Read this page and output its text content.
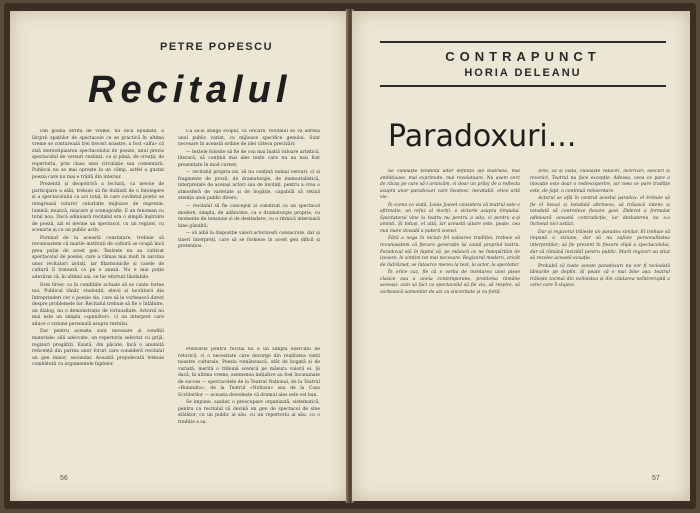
PETRE POPESCU
Recitalul

Din goana dorită de vreme, nu încă epuizată, a lărgirii spațiilor de spectacole ce se practică în ultima vreme se conturează trei treceri noastre, a fost «alfa» că zisă stereotipizarea spectacolului de poezie, unui precis spectaculul de versuri realizat, cu și până, de creații, de repertoriu, prin clasa unei circulație sau comentarii. Publicul nu se mai oprește la un câmp, astfel a gustat poezia care nu mai e trăită din interior.

Prezentă și deopotrivă a lecturii, ca nevoie de participare a sălii, trebuie să fie dublată de o înțelegere și a spectacolului ca act total, în care cuvântul poetic se integrează tuturor celorlalte mijloace de expresie: lumină, muzică, mișcare și scenografie. E un fenomen cu totul nou. Dacă odinioară recitalul era o simplă înșiruire de poezii, azi el devine un spectacol, cu un regizor, cu scenariu și cu un public activ.

Pornind de la această constatare, trebuie să recunoaștem că marile instituții de cultură se ocupă încă prea puțin de acest gen. Teatrele nu au cultivat spectacolul de poezie, care a rămas mai mult în sarcina unor recitatori izolați, iar filarmonicile și casele de cultură îl tratează ca pe o anexă. Nu e mai puțin adevărat că, în ultimii ani, se fac eforturi lăudabile.

Este firesc ca în condițiile actuale să se caute forme noi. Publicul tânăr, studenții, elevii și lucrătorii din întreprinderi cer o poezie vie, care să le vorbească direct despre problemele lor. Recitalul trebuie să fie o întâlnire, un dialog, nu o demonstrație de virtuozitate. Actorul nu mai este un simplu «spunător», ci un interpret care aduce o viziune personală asupra textului.

Dar pentru aceasta sunt necesare și condiții materiale: săli adecvate, un repertoriu selectat cu grijă, regizori pregătiți. Există, din păcate, încă o anumită reticență din partea unor foruri care consideră recitalul un gen minor, secundar. Această prejudecată trebuie combătută cu argumentele faptelor.

Ca să-și atingă scopul, ca oricare, recitalul se va adresa unui public variat, cu mijloace specifice genului. Sunt necesare în această ordine de idei câteva precizări:

— textele folosite să fie de cea mai înaltă valoare artistică, literară, să conțină mai ales texte care nu au mai fost prezentate în mod curent;

— recitalul propriu-zis, să nu conțină numai versuri, ci și fragmente de proză, de dramaturgie, de memorialistică, interpretate de aceiași actori sau de invitați, pentru a crea o atmosferă de varietate și de bogăție, capabilă să rețină atenția unui public divers;

— recitalul să fie conceput și construit ca un spectacol modern, simplu, de adâncime, cu o dramaturgie proprie, cu momente de tensiune și de destindere, cu o ritmică interioară bine gândită;

— să aibă la dispoziție valori actoricești consacrate, dar și tineri interpreți, care să se formeze în acest gen dificil și pretențios.

Pledoarie pentru recital nu e un simplu exercițiu de retorică, ci o necesitate care decurge din realitatea vieții noastre culturale. Poezia românească, atât de bogată și de variată, merită o tribună scenică pe măsura valorii ei. Și dacă, în ultima vreme, asemenea inițiative au fost încununate de succes — spectacolele de la Teatrul Național, de la Teatrul «Bulandra», de la Teatrul «Nottara» sau de la Casa Scriitorilor — aceasta dovedește că drumul ales este cel bun.

Se impune, așadar, o preocupare organizată, sistematică, pentru ca recitalul să devină un gen de spectacol de sine stătător, cu un public al său, cu un repertoriu al său, cu o tradiție a sa.

56
CONTRAPUNCT
HORIA DELEANU
Paradoxuri...

Se cunoaște tendința altor definiții ale teatrului, mai ambițioase, mai exprimate, mai revelatoare. Nu avem cerc de răcaș pe care să-l aruncăm, ci doar un prilej de a reflecta asupra unor paradoxuri care însoțesc, inevitabil, orice artă vie.

În scena ca viață, Louis Jouvet considera că teatrul este o afirmație, un refuz al morții, o victorie asupra timpului. Spectatorul vine la teatru nu pentru a uita, ci pentru a-și aminti. Și totuși, el uită, iar această uitare este, poate, cea mai mare dovadă a puterii scenei.

Fără a nega în niciun fel valoarea tradiției, trebuie să recunoaștem că fiecare generație își caută propriul teatru. Paradoxul stă în faptul că, pe măsură ce ne îndepărtăm de izvoare, le simțim tot mai necesare. Regizorul modern, oricât de îndrăzneț, se întoarce mereu la text, la actor, la spectator.

În orice caz, fie că e vorba de montarea unei piese clasice sau a uneia contemporane, problema rămâne aceeași: cum să faci ca spectacolul să fie viu, să respire, să vorbească oamenilor de azi cu sinceritate și cu forță.

Arta, ca și viața, cunoaște rătăciri, încercări, eșecuri și reveniri. Teatrul nu face excepție. Adesea, ceea ce pare o inovație este doar o redescoperire, iar ceea ce pare tradiție este, de fapt, o continuă reinventare.

Actorul se află în centrul acestui paradox: el trebuie să fie el însuși și totodată altcineva, să trăiască intens și totodată să controleze fiecare gest. Diderot a formulat odinioară această contradicție, iar dezbaterea nu s-a încheiat nici astăzi.

Dar și regizorul trăiește un paradox similar. El trebuie să impună o viziune, dar să nu sufoce personalitatea interpreților; să fie prezent în fiecare clipă a spectacolului, dar să rămână invizibil pentru public. Marii regizori au știut să rezolve această ecuație.

Probabil că toate aceste paradoxuri nu vor fi niciodată lămurite pe deplin. Și poate că e mai bine așa: teatrul trăiește tocmai din neliniștea și din căutarea neîntreruptă a celor care îl slujesc.

57
